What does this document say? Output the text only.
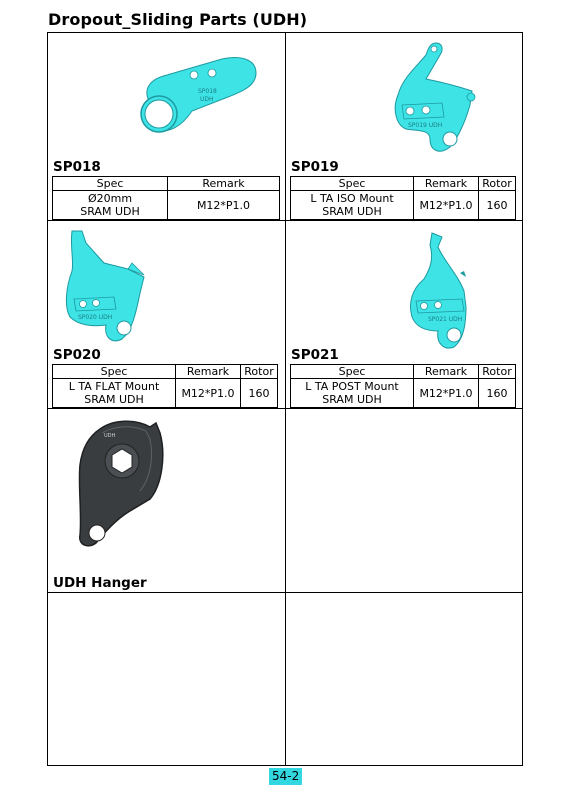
Dropout_Sliding Parts (UDH)
SP018
UDH
SP018
Spec	Remark

Ø20mm
SRAM UDH	M12*P1.0
SP019 UDH
SP019
Spec	Remark	Rotor

L TA ISO Mount
SRAM UDH	M12*P1.0	160
SP020 UDH
SP020
Spec	Remark	Rotor

L TA FLAT Mount
SRAM UDH	M12*P1.0	160
SP021 UDH
SP021
Spec	Remark	Rotor

L TA POST Mount
SRAM UDH	M12*P1.0	160
UDH
UDH Hanger
54-2
